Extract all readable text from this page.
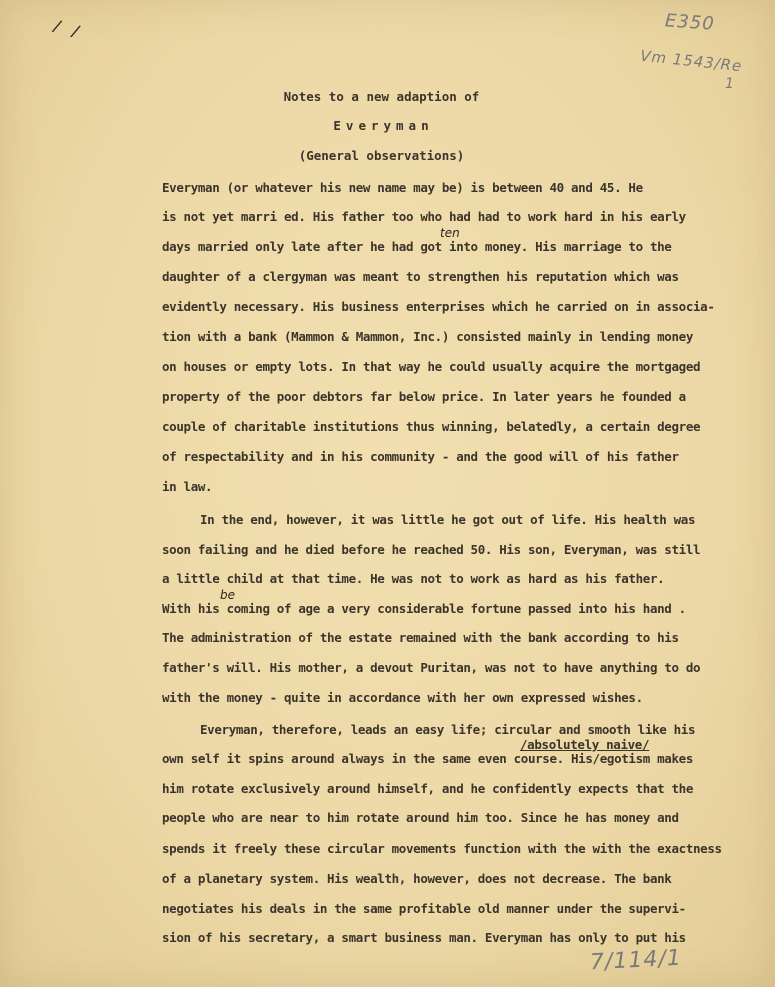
/ /	E350
Vm 1543/Re
1
Notes to a new adaption of
Everyman
(General observations)
ten
be
Everyman (or whatever his new name may be) is between 40 and 45. He
is not yet marri ed. His father too who had had to work hard in his early
days married only late after he had got into money. His marriage to the
daughter of a clergyman was meant to strengthen his reputation which was
evidently necessary. His business enterprises which he carried on in associa-
tion with a bank (Mammon & Mammon, Inc.) consisted mainly in lending money
on houses or empty lots. In that way he could usually acquire the mortgaged
property of the poor debtors far below price. In later years he founded a
couple of charitable institutions thus winning, belatedly, a certain degree
of respectability and in his community - and the good will of his father
in law.
In the end, however, it was little he got out of life. His health was
soon failing and he died before he reached 50. His son, Everyman, was still
a little child at that time. He was not to work as hard as his father.
With his coming of age a very considerable fortune passed into his hand .
The administration of the estate remained with the bank according to his
father's will. His mother, a devout Puritan, was not to have anything to do
with the money - quite in accordance with her own expressed wishes.
Everyman, therefore, leads an easy life; circular and smooth like his
/absolutely naive/
own self it spins around always in the same even course. His/egotism makes
him rotate exclusively around himself, and he confidently expects that the
people who are near to him rotate around him too. Since he has money and
spends it freely these circular movements function with the with the exactness
of a planetary system. His wealth, however, does not decrease. The bank
negotiates his deals in the same profitable old manner under the supervi-
sion of his secretary, a smart business man. Everyman has only to put his
7/114/1
